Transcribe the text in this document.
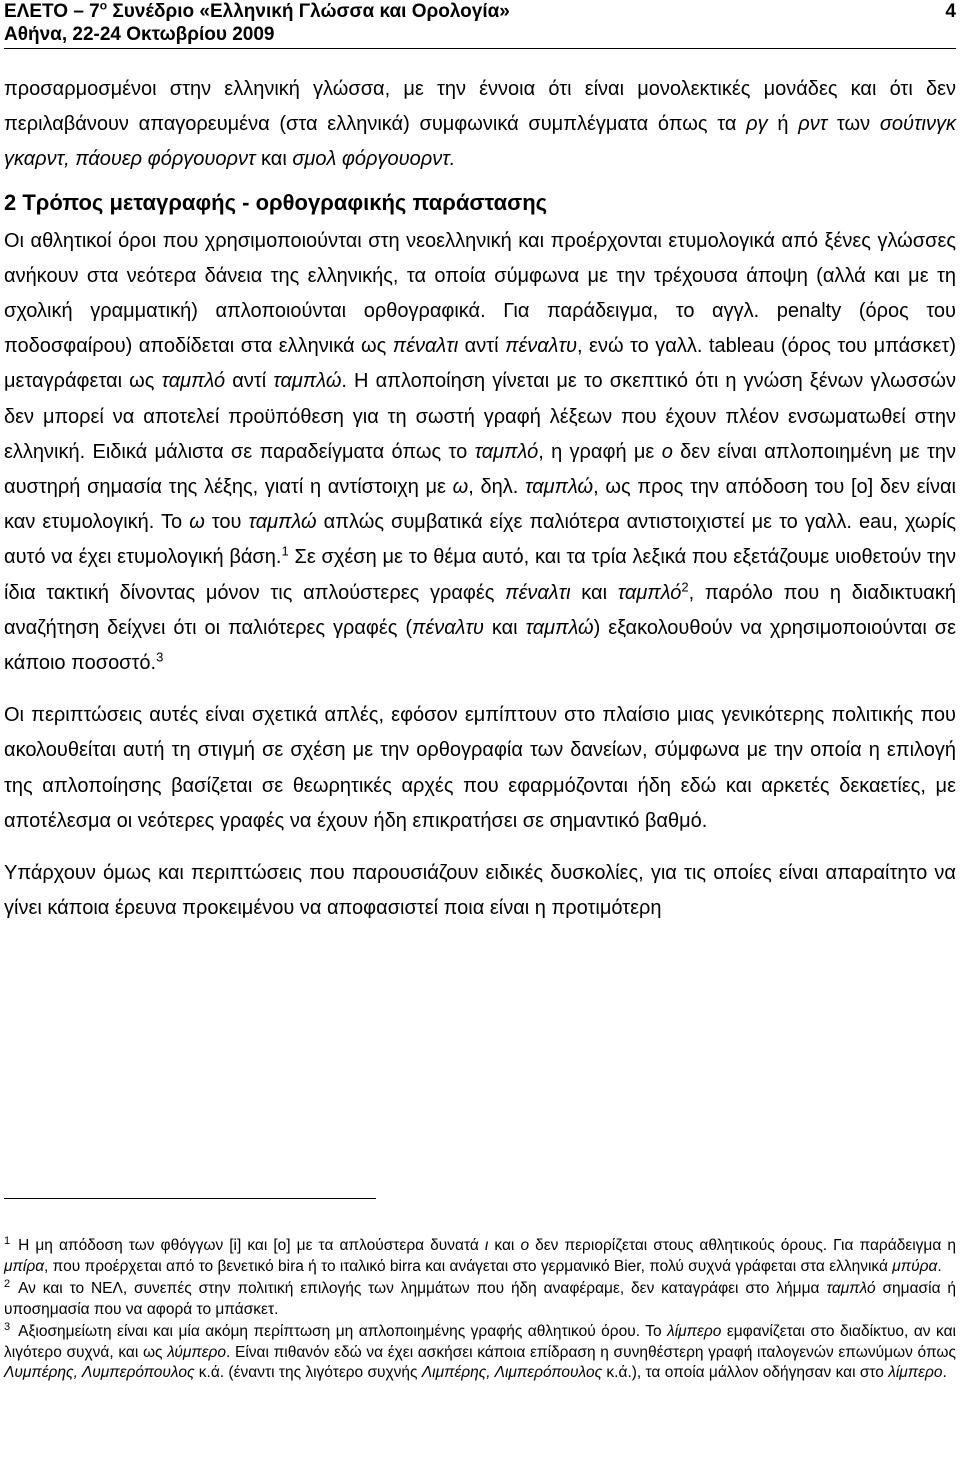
ΕΛΕΤΟ – $7^o$ Συνέδριο «Ελληνική Γλώσσα και Ορολογία»
Αθήνα, 22-24 Οκτωβρίου 2009
4

προσαρμοσμένοι στην ελληνική γλώσσα, με την έννοια ότι είναι μονολεκτικές μονάδες και ότι δεν περιλαβάνουν απαγορευμένα (στα ελληνικά) συμφωνικά συμπλέγματα όπως τα ργ ή ρντ των σούτινγκ γκαρντ, πάουερ φόργουορντ και σμολ φόργουορντ.

2 Τρόπος μεταγραφής - ορθογραφικής παράστασης

Οι αθλητικοί όροι που χρησιμοποιούνται στη νεοελληνική και προέρχονται ετυμολογικά από ξένες γλώσσες ανήκουν στα νεότερα δάνεια της ελληνικής, τα οποία σύμφωνα με την τρέχουσα άποψη (αλλά και με τη σχολική γραμματική) απλοποιούνται ορθογραφικά. Για παράδειγμα, το αγγλ. penalty (όρος του ποδοσφαίρου) αποδίδεται στα ελληνικά ως πέναλτι αντί πέναλτυ, ενώ το γαλλ. tableau (όρος του μπάσκετ) μεταγράφεται ως ταμπλό αντί ταμπλώ. Η απλοποίηση γίνεται με το σκεπτικό ότι η γνώση ξένων γλωσσών δεν μπορεί να αποτελεί προϋπόθεση για τη σωστή γραφή λέξεων που έχουν πλέον ενσωματωθεί στην ελληνική. Ειδικά μάλιστα σε παραδείγματα όπως το ταμπλό, η γραφή με ο δεν είναι απλοποιημένη με την αυστηρή σημασία της λέξης, γιατί η αντίστοιχη με ω, δηλ. ταμπλώ, ως προς την απόδοση του [o] δεν είναι καν ετυμολογική. Το ω του ταμπλώ απλώς συμβατικά είχε παλιότερα αντιστοιχιστεί με το γαλλ. eau, χωρίς αυτό να έχει ετυμολογική βάση.$^1$ Σε σχέση με το θέμα αυτό, και τα τρία λεξικά που εξετάζουμε υιοθετούν την ίδια τακτική δίνοντας μόνον τις απλούστερες γραφές πέναλτι και ταμπλό$^2$, παρόλο που η διαδικτυακή αναζήτηση δείχνει ότι οι παλιότερες γραφές (πέναλτυ και ταμπλώ) εξακολουθούν να χρησιμοποιούνται σε κάποιο ποσοστό.$^3$

Οι περιπτώσεις αυτές είναι σχετικά απλές, εφόσον εμπίπτουν στο πλαίσιο μιας γενικότερης πολιτικής που ακολουθείται αυτή τη στιγμή σε σχέση με την ορθογραφία των δανείων, σύμφωνα με την οποία η επιλογή της απλοποίησης βασίζεται σε θεωρητικές αρχές που εφαρμόζονται ήδη εδώ και αρκετές δεκαετίες, με αποτέλεσμα οι νεότερες γραφές να έχουν ήδη επικρατήσει σε σημαντικό βαθμό.

Υπάρχουν όμως και περιπτώσεις που παρουσιάζουν ειδικές δυσκολίες, για τις οποίες είναι απαραίτητο να γίνει κάποια έρευνα προκειμένου να αποφασιστεί ποια είναι η προτιμότερη

$^1$ Η μη απόδοση των φθόγγων [i] και [o] με τα απλούστερα δυνατά ι και ο δεν περιορίζεται στους αθλητικούς όρους. Για παράδειγμα η μπίρα, που προέρχεται από το βενετικό bira ή το ιταλικό birra και ανάγεται στο γερμανικό Bier, πολύ συχνά γράφεται στα ελληνικά μπύρα.

$^2$ Αν και το ΝΕΛ, συνεπές στην πολιτική επιλογής των λημμάτων που ήδη αναφέραμε, δεν καταγράφει στο λήμμα ταμπλό σημασία ή υποσημασία που να αφορά το μπάσκετ.

$^3$ Αξιοσημείωτη είναι και μία ακόμη περίπτωση μη απλοποιημένης γραφής αθλητικού όρου. Το λίμπερο εμφανίζεται στο διαδίκτυο, αν και λιγότερο συχνά, και ως λύμπερο. Είναι πιθανόν εδώ να έχει ασκήσει κάποια επίδραση η συνηθέστερη γραφή ιταλογενών επωνύμων όπως Λυμπέρης, Λυμπερόπουλος κ.ά. (έναντι της λιγότερο συχνής Λιμπέρης, Λιμπερόπουλος κ.ά.), τα οποία μάλλον οδήγησαν και στο λίμπερο.
